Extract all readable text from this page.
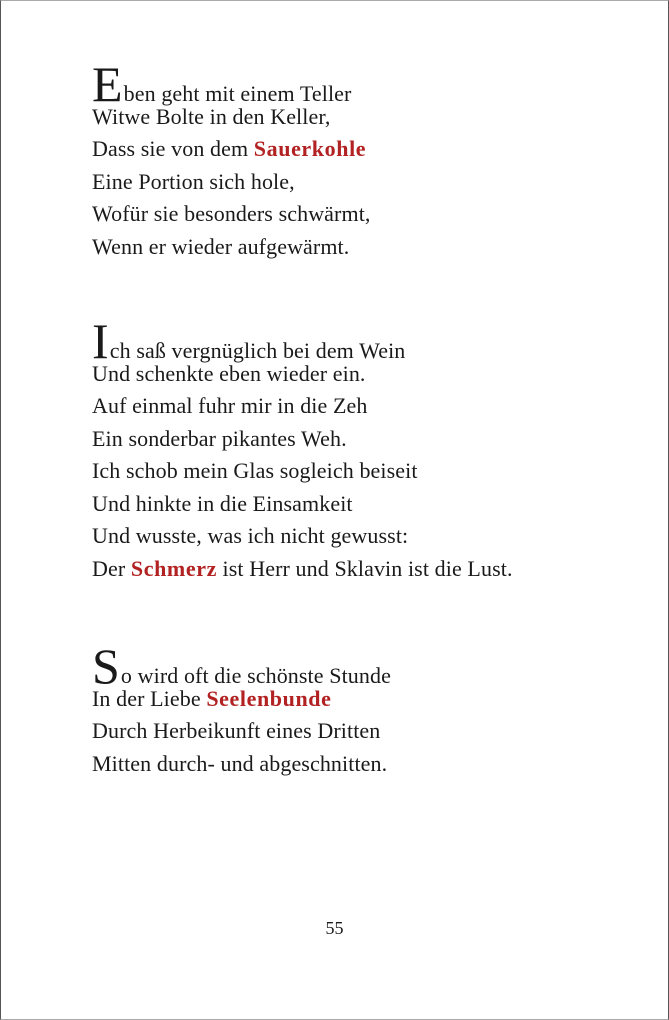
Eben geht mit einem Teller
Witwe Bolte in den Keller,
Dass sie von dem Sauerkohle
Eine Portion sich hole,
Wofür sie besonders schwärmt,
Wenn er wieder aufgewärmt.
Ich saß vergnüglich bei dem Wein
Und schenkte eben wieder ein.
Auf einmal fuhr mir in die Zeh
Ein sonderbar pikantes Weh.
Ich schob mein Glas sogleich beiseit
Und hinkte in die Einsamkeit
Und wusste, was ich nicht gewusst:
Der Schmerz ist Herr und Sklavin ist die Lust.
So wird oft die schönste Stunde
In der Liebe Seelenbunde
Durch Herbeikunft eines Dritten
Mitten durch- und abgeschnitten.
55
